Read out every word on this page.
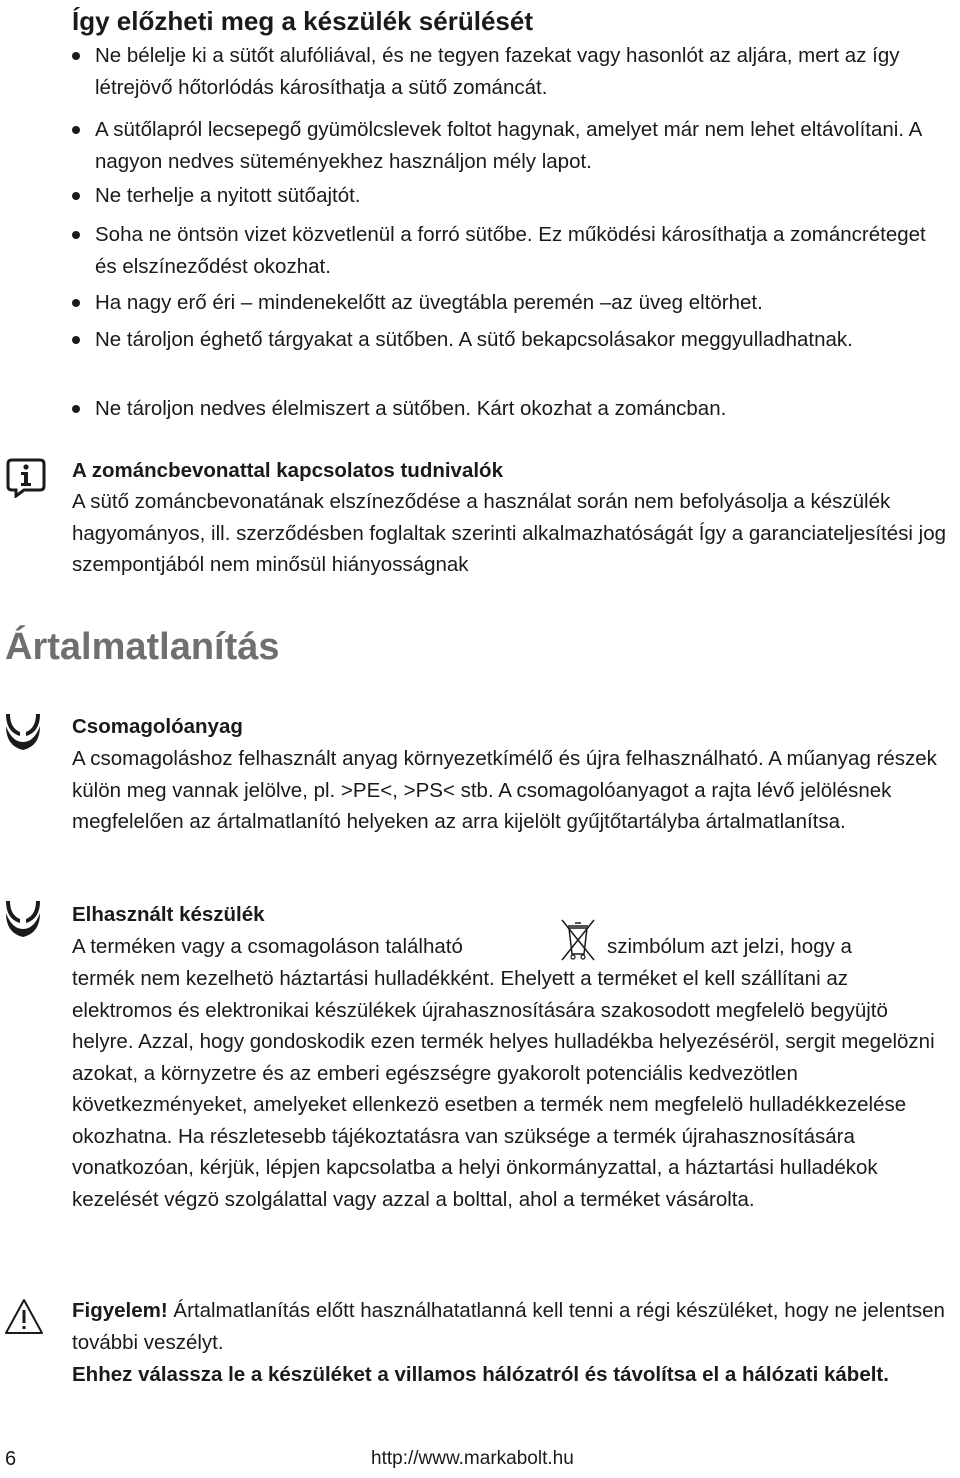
Így előzheti meg a készülék sérülését
Ne bélelje ki a sütőt alufóliával, és ne tegyen fazekat vagy hasonlót az aljára, mert az így létrejövő hőtorlódás károsíthatja a sütő zománcát.
A sütőlapról lecsepegő gyümölcslevek foltot hagynak, amelyet már nem lehet eltávolítani. A nagyon nedves süteményekhez használjon mély lapot.
Ne terhelje a nyitott sütőajtót.
Soha ne öntsön vizet közvetlenül a forró sütőbe. Ez működési károsíthatja a zománcréteget és elszíneződést okozhat.
Ha nagy erő éri – mindenekelőtt az üvegtábla peremén –az üveg eltörhet.
Ne tároljon éghető tárgyakat a sütőben. A sütő bekapcsolásakor meggyulladhatnak.
Ne tároljon nedves élelmiszert a sütőben. Kárt okozhat a zománcban.
A zománcbevonattal kapcsolatos tudnivalók
A sütő zománcbevonatának elszíneződése a használat során nem befolyásolja a készülék hagyományos, ill. szerződésben foglaltak szerinti alkalmazhatóságát Így a garanciateljesítési jog szempontjából nem minősül hiányosságnak
Ártalmatlanítás
Csomagolóanyag
A csomagoláshoz felhasznált anyag környezetkímélő és újra felhasználható. A műanyag részek külön meg vannak jelölve, pl. >PE<, >PS< stb. A csomagolóanyagot a rajta lévő jelölésnek megfelelően az ártalmatlanító helyeken az arra kijelölt gyűjtőtartályba ártalmatlanítsa.
Elhasznált készülék
A terméken vagy a csomagoláson található	szimbólum azt jelzi, hogy a
termék nem kezelhetö háztartási hulladékként. Ehelyett a terméket el kell szállítani az elektromos és elektronikai készülékek újrahasznosítására szakosodott megfelelö begyüjtö helyre. Azzal, hogy gondoskodik ezen termék helyes hulladékba helyezéséröl, sergit megelözni azokat, a környzetre és az emberi egészségre gyakorolt potenciális kedvezötlen következményeket, amelyeket ellenkezö esetben a termék nem megfelelö hulladékkezelése okozhatna. Ha részletesebb tájékoztatásra van szüksége a termék újrahasznosítására vonatkozóan, kérjük, lépjen kapcsolatba a helyi önkormányzattal, a háztartási hulladékok kezelését végzö szolgálattal vagy azzal a bolttal, ahol a terméket vásárolta.
Figyelem! Ártalmatlanítás előtt használhatatlanná kell tenni a régi készüléket, hogy ne jelentsen további veszélyt.
Ehhez válassza le a készüléket a villamos hálózatról és távolítsa el a hálózati kábelt.
6	http://www.markabolt.hu
